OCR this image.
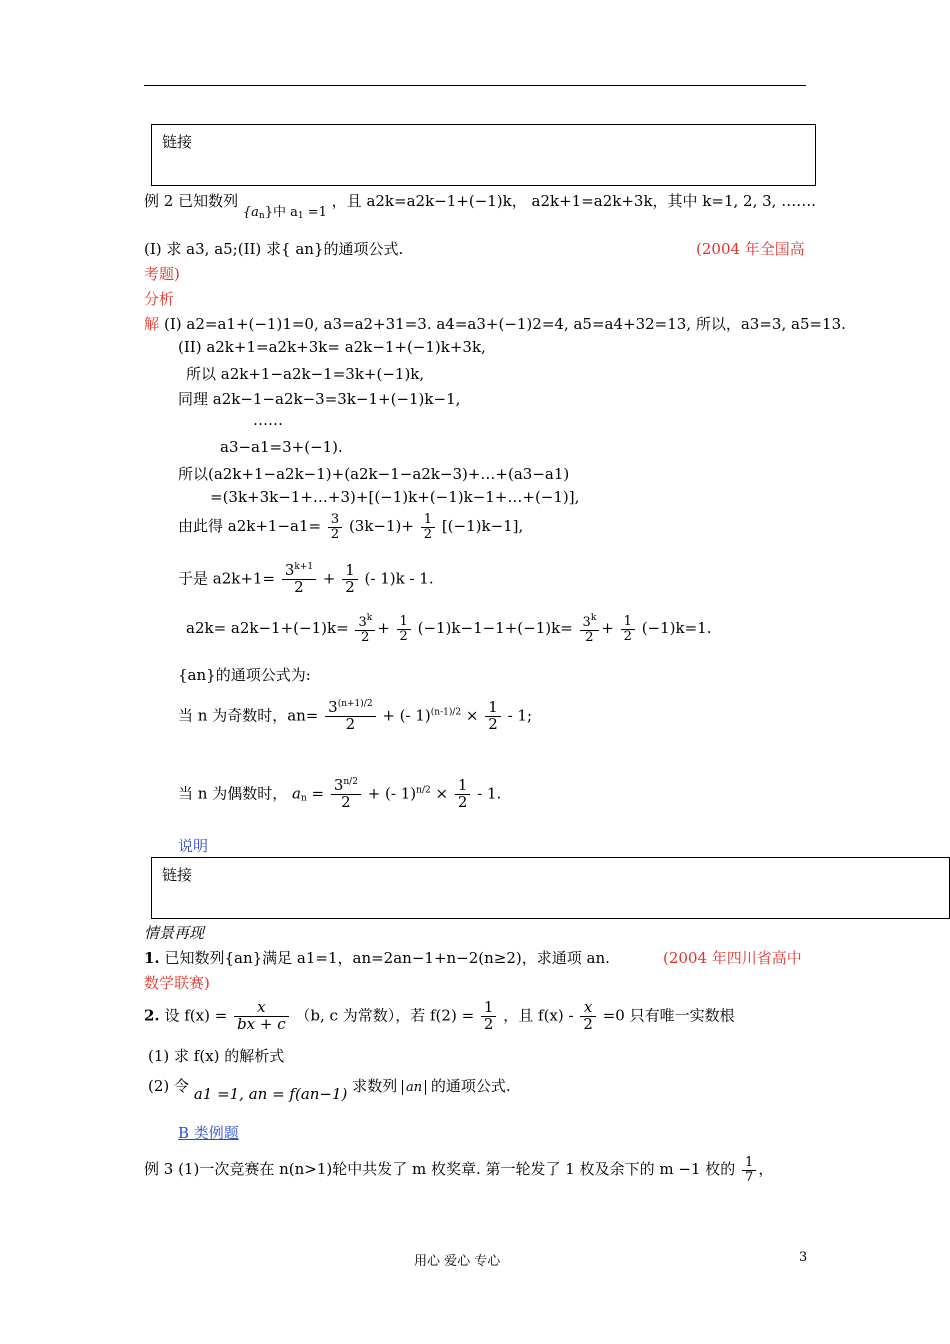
链接
例 2 已知数列 $\{a_n\}$中 $a_1 =1$ ，且 a2k=a2k−1+(−1)k， a2k+1=a2k+3k，其中 k=1, 2, 3, …….
(I) 求 a3, a5;(II) 求{ an}的通项公式.	(2004 年全国高
考题)
分析
解 (I) a2=a1+(−1)1=0, a3=a2+31=3. a4=a3+(−1)2=4, a5=a4+32=13, 所以，a3=3, a5=13.
(II) a2k+1=a2k+3k= a2k−1+(−1)k+3k,
所以 a2k+1−a2k−1=3k+(−1)k,
同理 a2k−1−a2k−3=3k−1+(−1)k−1,
……
a3−a1=3+(−1).
所以(a2k+1−a2k−1)+(a2k−1−a2k−3)+…+(a3−a1)
=(3k+3k−1+…+3)+[(−1)k+(−1)k−1+…+(−1)],
由此得 $a2k+1-a1= \frac{3}{2} (3k-1)+ \frac{1}{2} [(-1)k-1]$,
于是 $a2k+1= \frac{3^{k+1}}{2} + \frac{1}{2}$ (- 1)k - 1.
$a2k= a2k-1+(-1)k= \frac{3^k}{2} + \frac{1}{2} (-1)k-1-1+(-1)k= \frac{3^k}{2} + \frac{1}{2} (-1)k=1$.
{an}的通项公式为:
当 n 为奇数时，$an= \frac{3^{(n+1)/2}}{2}$ + (- $1)^{(n-1)/2} \times \frac{1}{2} - 1$;
当 n 为偶数时， $a_n = \frac{3^{n/2}}{2}$ + (- $1)^{n/2} \times \frac{1}{2} - 1$.
说明
链接
情景再现
1. 已知数列{an}满足 a1=1，an=2an−1+n−2(n≥2)，求通项 an.	(2004 年四川省高中
数学联赛)
2. 设 $f(x) = \frac{x}{bx + c} (b$, c 为常数），若 $f(2) = \frac{1}{2}$ ，且 $f(x) - \frac{x}{2} =0$ 只有唯一实数根
(1) 求 f(x) 的解析式
(2) 令 a1 =1, an = f(an−1) 求数列 an 的通项公式.
B 类例题
例 3 (1)一次竞赛在 n(n>1)轮中共发了 m 枚奖章. 第一轮发了 1 枚及余下的 m −1 枚的 $\frac{1}{7}$ ，
用心 爱心 专心	3
